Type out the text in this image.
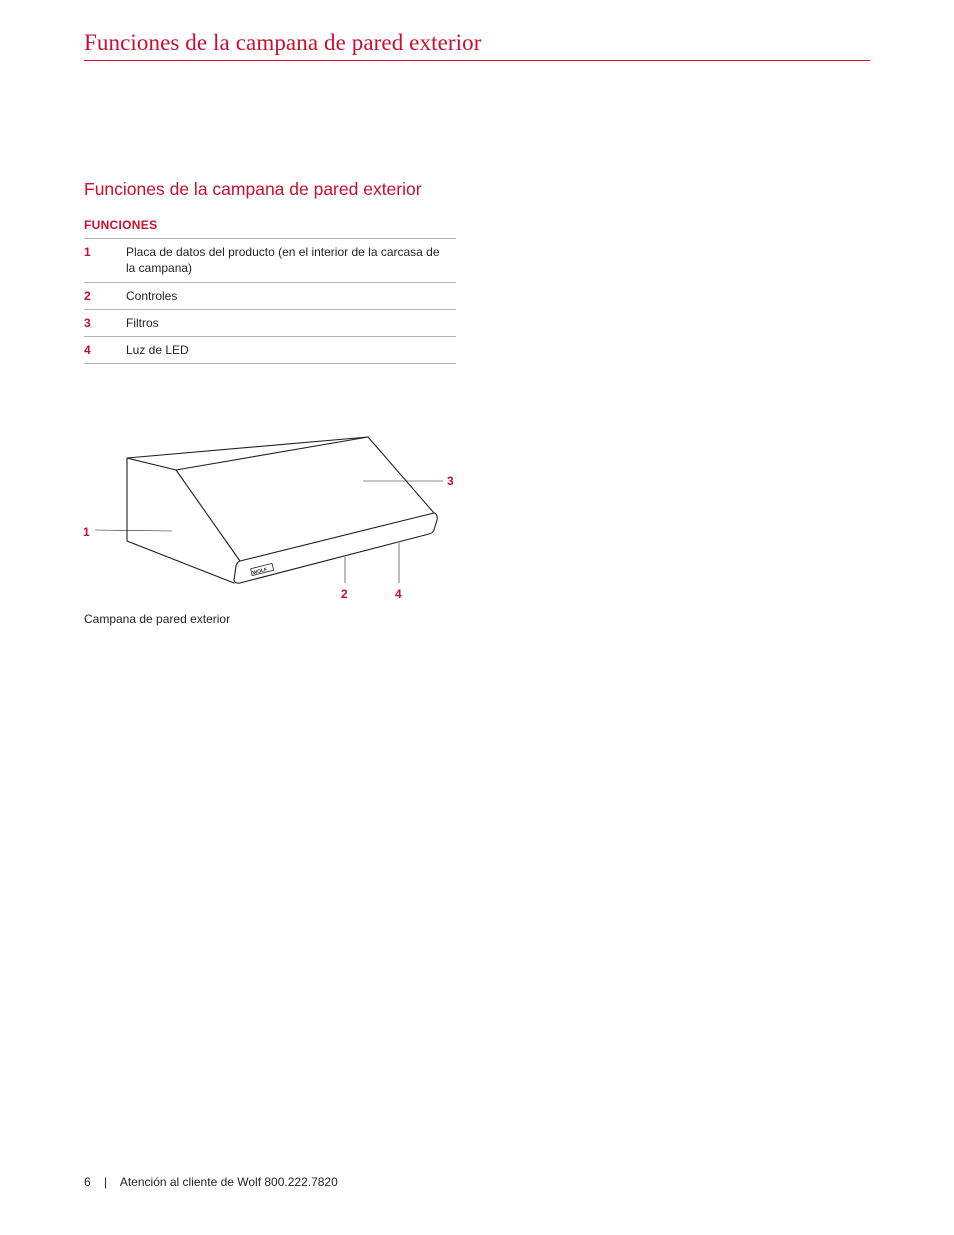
Funciones de la campana de pared exterior
Funciones de la campana de pared exterior
FUNCIONES
1	Placa de datos del producto (en el interior de la carcasa de la campana)
2	Controles
3	Filtros
4	Luz de LED
WOLF
1
2
3
4
Campana de pared exterior
6 | Atención al cliente de Wolf 800.222.7820
